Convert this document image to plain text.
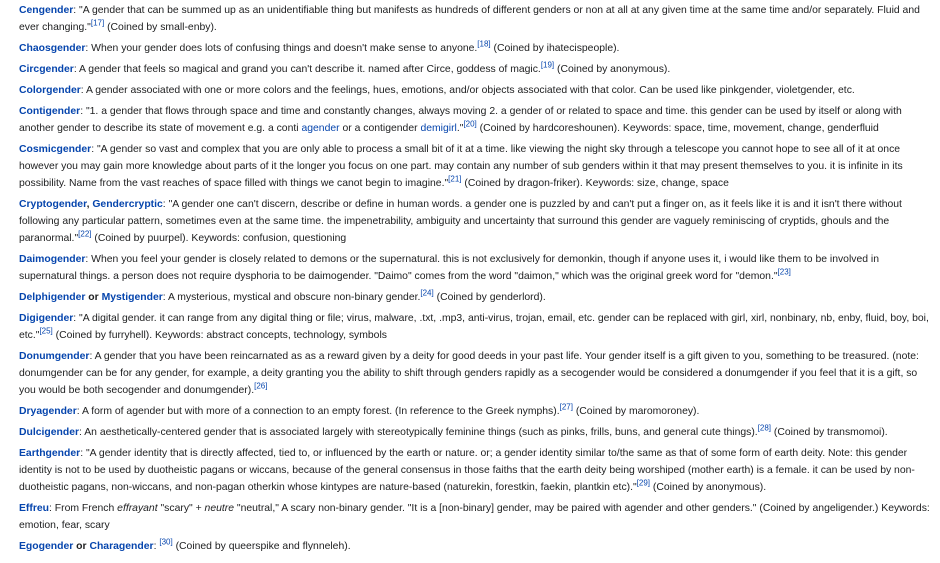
Cengender: "A gender that can be summed up as an unidentifiable thing but manifests as hundreds of different genders or non at all at any given time at the same time and/or separately. Fluid and ever changing."[17] (Coined by small-enby).

Chaosgender: When your gender does lots of confusing things and doesn't make sense to anyone.[18] (Coined by ihatecispeople).

Circgender: A gender that feels so magical and grand you can't describe it. named after Circe, goddess of magic.[19] (Coined by anonymous).

Colorgender: A gender associated with one or more colors and the feelings, hues, emotions, and/or objects associated with that color. Can be used like pinkgender, violetgender, etc.

Contigender: "1. a gender that flows through space and time and constantly changes, always moving 2. a gender of or related to space and time. this gender can be used by itself or along with another gender to describe its state of movement e.g. a conti agender or a contigender demigirl."[20] (Coined by hardcoreshounen). Keywords: space, time, movement, change, genderfluid

Cosmicgender: "A gender so vast and complex that you are only able to process a small bit of it at a time. like viewing the night sky through a telescope you cannot hope to see all of it at once however you may gain more knowledge about parts of it the longer you focus on one part. may contain any number of sub genders within it that may present themselves to you. it is infinite in its possibility. Name from the vast reaches of space filled with things we canot begin to imagine."[21] (Coined by dragon-friker). Keywords: size, change, space

Cryptogender, Gendercryptic: "A gender one can't discern, describe or define in human words. a gender one is puzzled by and can't put a finger on, as it feels like it is and it isn't there without following any particular pattern, sometimes even at the same time. the impenetrability, ambiguity and uncertainty that surround this gender are vaguely reminiscing of cryptids, ghouls and the paranormal."[22] (Coined by puurpel). Keywords: confusion, questioning

Daimogender: When you feel your gender is closely related to demons or the supernatural. this is not exclusively for demonkin, though if anyone uses it, i would like them to be involved in supernatural things. a person does not require dysphoria to be daimogender. "Daimo" comes from the word "daimon," which was the original greek word for "demon."[23]

Delphigender or Mystigender: A mysterious, mystical and obscure non-binary gender.[24] (Coined by genderlord).

Digigender: "A digital gender. it can range from any digital thing or file; virus, malware, .txt, .mp3, anti-virus, trojan, email, etc. gender can be replaced with girl, xirl, nonbinary, nb, enby, fluid, boy, boi, etc."[25] (Coined by furryhell). Keywords: abstract concepts, technology, symbols

Donumgender: A gender that you have been reincarnated as as a reward given by a deity for good deeds in your past life. Your gender itself is a gift given to you, something to be treasured. (note: donumgender can be for any gender, for example, a deity granting you the ability to shift through genders rapidly as a secogender would be considered a donumgender if you feel that it is a gift, so you would be both secogender and donumgender).[26]

Dryagender: A form of agender but with more of a connection to an empty forest. (In reference to the Greek nymphs).[27] (Coined by maromoroney).

Dulcigender: An aesthetically-centered gender that is associated largely with stereotypically feminine things (such as pinks, frills, buns, and general cute things).[28] (Coined by transmomoi).

Earthgender: "A gender identity that is directly affected, tied to, or influenced by the earth or nature. or; a gender identity similar to/the same as that of some form of earth deity. Note: this gender identity is not to be used by duotheistic pagans or wiccans, because of the general consensus in those faiths that the earth deity being worshiped (mother earth) is a female. it can be used by non-duotheistic pagans, non-wiccans, and non-pagan otherkin whose kintypes are nature-based (naturekin, forestkin, faekin, plantkin etc)."[29] (Coined by anonymous).

Effreu: From French effrayant "scary" + neutre "neutral," A scary non-binary gender. "It is a [non-binary] gender, may be paired with agender and other genders." (Coined by angeligender.) Keywords: emotion, fear, scary

Egogender or Charagender: [30] (Coined by queerspike and flynneleh).
